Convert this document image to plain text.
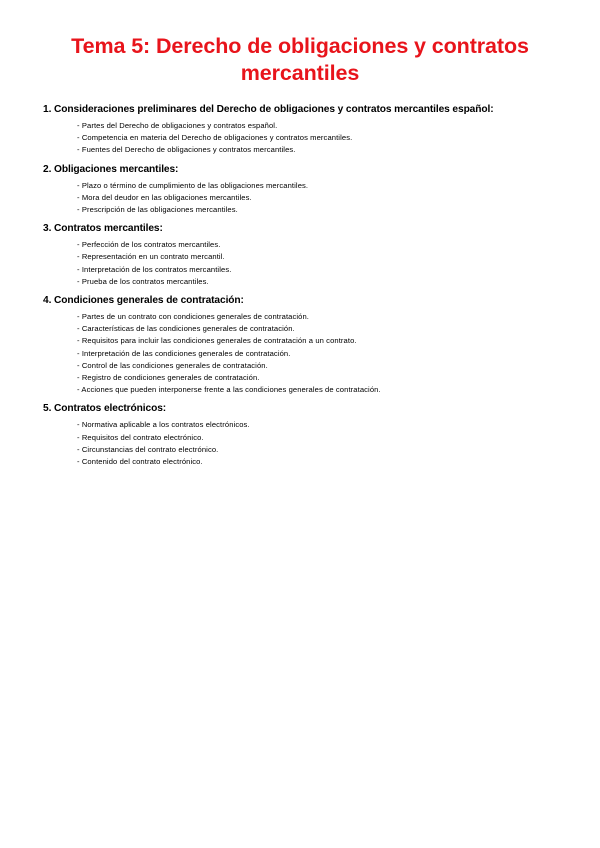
Tema 5: Derecho de obligaciones y contratos mercantiles
1. Consideraciones preliminares del Derecho de obligaciones y contratos mercantiles español:
- Partes del Derecho de obligaciones y contratos español.
- Competencia en materia del Derecho de obligaciones y contratos mercantiles.
- Fuentes del Derecho de obligaciones y contratos mercantiles.
2. Obligaciones mercantiles:
- Plazo o término de cumplimiento de las obligaciones mercantiles.
- Mora del deudor en las obligaciones mercantiles.
- Prescripción de las obligaciones mercantiles.
3. Contratos mercantiles:
- Perfección de los contratos mercantiles.
- Representación en un contrato mercantil.
- Interpretación de los contratos mercantiles.
- Prueba de los contratos mercantiles.
4. Condiciones generales de contratación:
- Partes de un contrato con condiciones generales de contratación.
- Características de las condiciones generales de contratación.
- Requisitos para incluir las condiciones generales de contratación a un contrato.
- Interpretación de las condiciones generales de contratación.
- Control de las condiciones generales de contratación.
- Registro de condiciones generales de contratación.
- Acciones que pueden interponerse frente a las condiciones generales de contratación.
5. Contratos electrónicos:
- Normativa aplicable a los contratos electrónicos.
- Requisitos del contrato electrónico.
- Circunstancias del contrato electrónico.
- Contenido del contrato electrónico.
